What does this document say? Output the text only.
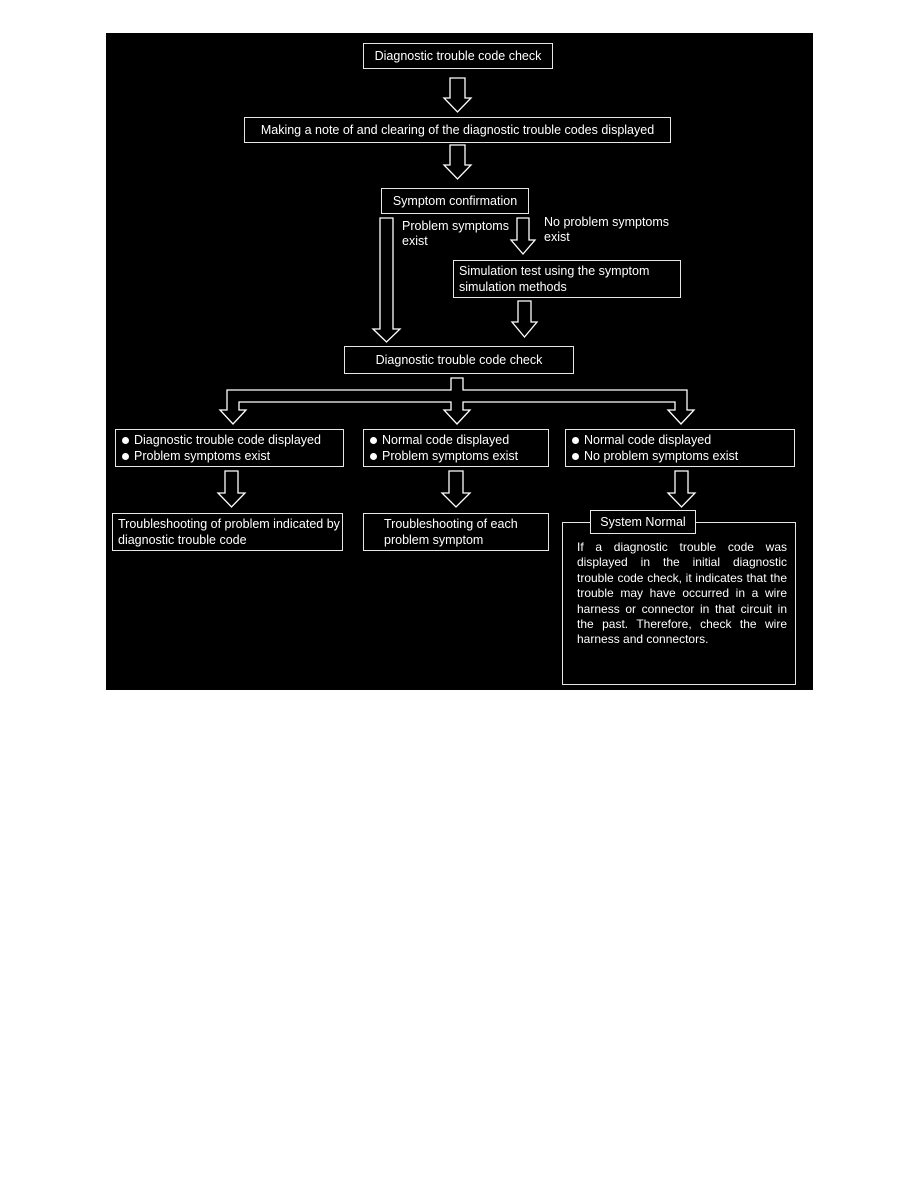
Diagnostic trouble code check
Making a note of and clearing of the diagnostic trouble codes displayed
Symptom confirmation
Problem symptoms exist
No problem symptoms exist
Simulation test using the symptom simulation methods
Diagnostic trouble code check
Diagnostic trouble code displayed
Problem symptoms exist
Normal code displayed
Problem symptoms exist
Normal code displayed
No problem symptoms exist
Troubleshooting of problem indicated by diagnostic trouble code
Troubleshooting of each problem symptom	If a diagnostic trouble code was displayed in the initial diagnostic trouble code check, it indicates that the trouble may have occurred in a wire harness or connector in that circuit in the past. Therefore, check the wire harness and connectors.
System Normal
